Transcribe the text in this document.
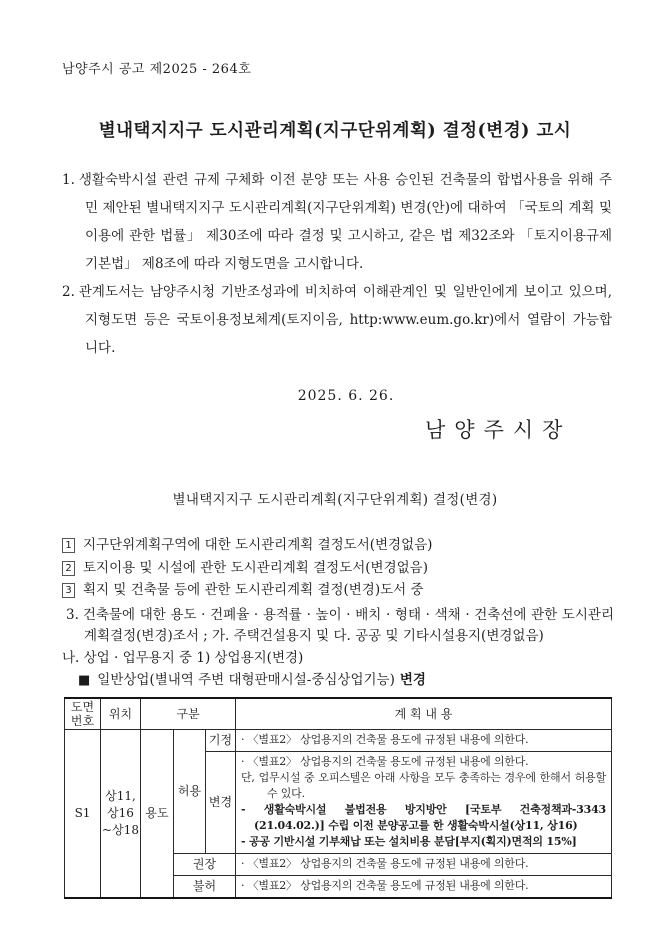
남양주시 공고 제2025 - 264호
별내택지지구 도시관리계획(지구단위계획) 결정(변경) 고시
1. 생활숙박시설 관련 규제 구체화 이전 분양 또는 사용 승인된 건축물의 합법사용을 위해 주민 제안된 별내택지지구 도시관리계획(지구단위계획) 변경(안)에 대하여 「국토의 계획 및 이용에 관한 법률」 제30조에 따라 결정 및 고시하고, 같은 법 제32조와 「토지이용규제기본법」 제8조에 따라 지형도면을 고시합니다.
2. 관계도서는 남양주시청 기반조성과에 비치하여 이해관계인 및 일반인에게 보이고 있으며, 지형도면 등은 국토이용정보체계(토지이음, http:www.eum.go.kr)에서 열람이 가능합니다.
2025. 6. 26.
남양주시장
별내택지지구 도시관리계획(지구단위계획) 결정(변경)
1 지구단위계획구역에 대한 도시관리계획 결정도서(변경없음)
2 토지이용 및 시설에 관한 도시관리계획 결정도서(변경없음)
3 획지 및 건축물 등에 관한 도시관리계획 결정(변경)도서 중
3. 건축물에 대한 용도 · 건폐율 · 용적률 · 높이 · 배치 · 형태 · 색채 · 건축선에 관한 도시관리계획결정(변경)조서 ; 가. 주택건설용지 및 다. 공공 및 기타시설용지(변경없음)
나. 상업 · 업무용지 중 1) 상업용지(변경)
■ 일반상업(별내역 주변 대형판매시설-중심상업기능) 변경
도면
번호	위치	구분			계 획 내 용
S1	상11,
상16
~상18	용도	허용	기정	· 〈별표2〉 상업용지의 건축물 용도에 규정된 내용에 의한다.
				변경	· 〈별표2〉 상업용지의 건축물 용도에 규정된 내용에 의한다.
단, 업무시설 중 오피스텔은 아래 사항을 모두 충족하는 경우에 한해서 허용할 수 있다.
- 생활숙박시설 불법전용 방지방안 [국토부 건축정책과-3343 (21.04.02.)] 수립 이전 분양공고를 한 생활숙박시설(상11, 상16)
- 공공 기반시설 기부채납 또는 설치비용 분담[부지(획지)면적의 15%]

			권장		· 〈별표2〉 상업용지의 건축물 용도에 규정된 내용에 의한다.
			불허		· 〈별표2〉 상업용지의 건축물 용도에 규정된 내용에 의한다.
